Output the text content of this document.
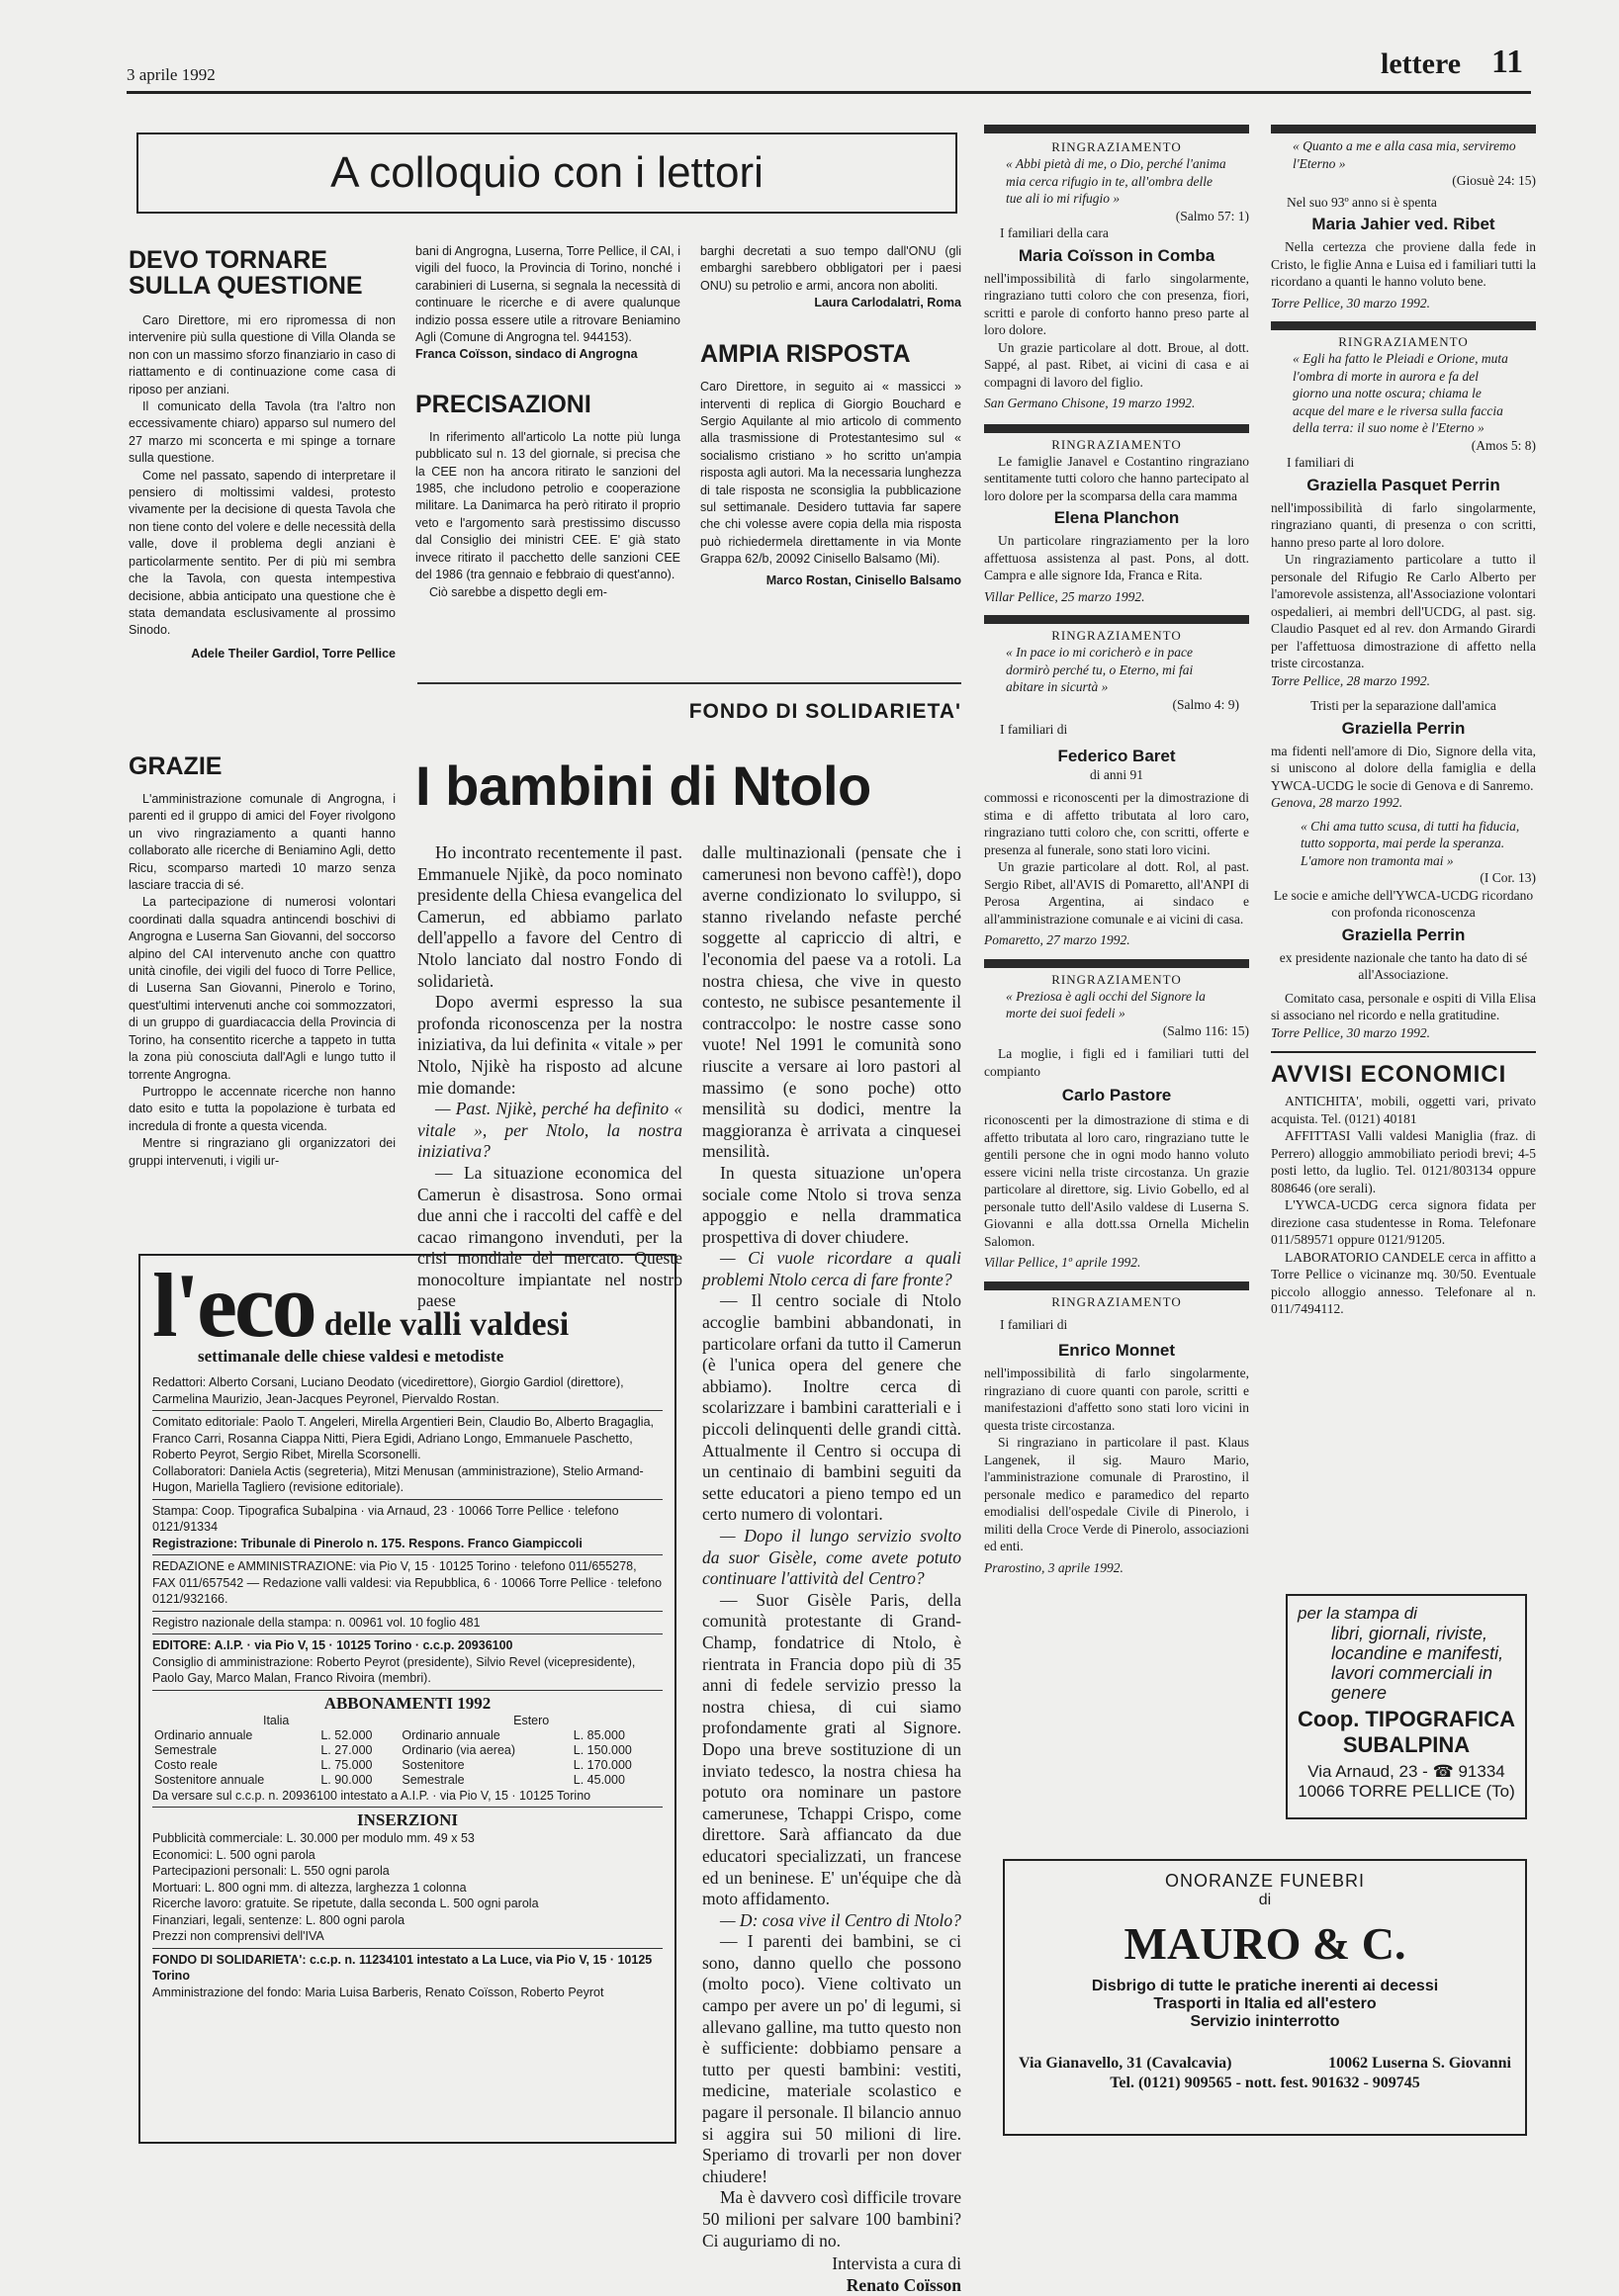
3 aprile 1992	lettere 11
A colloquio con i lettori
DEVO TORNARE SULLA QUESTIONE

Caro Direttore, mi ero ripromessa di non intervenire più sulla questione di Villa Olanda se non con un massimo sforzo finanziario in caso di riattamento e di continuazione come casa di riposo per anziani.

Il comunicato della Tavola (tra l'altro non eccessivamente chiaro) apparso sul numero del 27 marzo mi sconcerta e mi spinge a tornare sulla questione.

Come nel passato, sapendo di interpretare il pensiero di moltissimi valdesi, protesto vivamente per la decisione di questa Tavola che non tiene conto del volere e delle necessità della valle, dove il problema degli anziani è particolarmente sentito. Per di più mi sembra che la Tavola, con questa intempestiva decisione, abbia anticipato una questione che è stata demandata esclusivamente al prossimo Sinodo.

Adele Theiler Gardiol, Torre Pellice
GRAZIE

L'amministrazione comunale di Angrogna, i parenti ed il gruppo di amici del Foyer rivolgono un vivo ringraziamento a quanti hanno collaborato alle ricerche di Beniamino Agli, detto Ricu, scomparso martedì 10 marzo senza lasciare traccia di sé.

La partecipazione di numerosi volontari coordinati dalla squadra antincendi boschivi di Angrogna e Luserna San Giovanni, del soccorso alpino del CAI intervenuto anche con quattro unità cinofile, dei vigili del fuoco di Torre Pellice, di Luserna San Giovanni, Pinerolo e Torino, quest'ultimi intervenuti anche coi sommozzatori, di un gruppo di guardiacaccia della Provincia di Torino, ha consentito ricerche a tappeto in tutta la zona più conosciuta dall'Agli e lungo tutto il torrente Angrogna.

Purtroppo le accennate ricerche non hanno dato esito e tutta la popolazione è turbata ed incredula di fronte a questa vicenda.

Mentre si ringraziano gli organizzatori dei gruppi intervenuti, i vigili ur-

bani di Angrogna, Luserna, Torre Pellice, il CAI, i vigili del fuoco, la Provincia di Torino, nonché i carabinieri di Luserna, si segnala la necessità di continuare le ricerche e di avere qualunque indizio possa essere utile a ritrovare Beniamino Agli (Comune di Angrogna tel. 944153).

Franca Coïsson, sindaco di Angrogna
PRECISAZIONI

In riferimento all'articolo La notte più lunga pubblicato sul n. 13 del giornale, si precisa che la CEE non ha ancora ritirato le sanzioni del 1985, che includono petrolio e cooperazione militare. La Danimarca ha però ritirato il proprio veto e l'argomento sarà prestissimo discusso dal Consiglio dei ministri CEE. E' già stato invece ritirato il pacchetto delle sanzioni CEE del 1986 (tra gennaio e febbraio di quest'anno).

Ciò sarebbe a dispetto degli em-

barghi decretati a suo tempo dall'ONU (gli embarghi sarebbero obbligatori per i paesi ONU) su petrolio e armi, ancora non aboliti.

Laura Carlodalatri, Roma
AMPIA RISPOSTA

Caro Direttore, in seguito ai « massicci » interventi di replica di Giorgio Bouchard e Sergio Aquilante al mio articolo di commento alla trasmissione di Protestantesimo sul « socialismo cristiano » ho scritto un'ampia risposta agli autori. Ma la necessaria lunghezza di tale risposta ne sconsiglia la pubblicazione sul settimanale. Desidero tuttavia far sapere che chi volesse avere copia della mia risposta può richiedermela direttamente in via Monte Grappa 62/b, 20092 Cinisello Balsamo (Mi).

Marco Rostan, Cinisello Balsamo
FONDO DI SOLIDARIETA'
I bambini di Ntolo

Ho incontrato recentemente il past. Emmanuele Njikè, da poco nominato presidente della Chiesa evangelica del Camerun, ed abbiamo parlato dell'appello a favore del Centro di Ntolo lanciato dal nostro Fondo di solidarietà.

Dopo avermi espresso la sua profonda riconoscenza per la nostra iniziativa, da lui definita « vitale » per Ntolo, Njikè ha risposto ad alcune mie domande:

— Past. Njikè, perché ha definito « vitale », per Ntolo, la nostra iniziativa?

— La situazione economica del Camerun è disastrosa. Sono ormai due anni che i raccolti del caffè e del cacao rimangono invenduti, per la crisi mondiale del mercato. Queste monocolture impiantate nel nostro paese

dalle multinazionali (pensate che i camerunesi non bevono caffè!), dopo averne condizionato lo sviluppo, si stanno rivelando nefaste perché soggette al capriccio di altri, e l'economia del paese va a rotoli. La nostra chiesa, che vive in questo contesto, ne subisce pesantemente il contraccolpo: le nostre casse sono vuote! Nel 1991 le comunità sono riuscite a versare ai loro pastori al massimo (e sono poche) otto mensilità su dodici, mentre la maggioranza è arrivata a cinquesei mensilità.

In questa situazione un'opera sociale come Ntolo si trova senza appoggio e nella drammatica prospettiva di dover chiudere.

— Ci vuole ricordare a quali problemi Ntolo cerca di fare fronte?

— Il centro sociale di Ntolo accoglie bambini abbandonati, in particolare orfani da tutto il Camerun (è l'unica opera del genere che abbiamo). Inoltre cerca di scolarizzare i bambini caratteriali e i piccoli delinquenti delle grandi città. Attualmente il Centro si occupa di un centinaio di bambini seguiti da sette educatori a pieno tempo ed un certo numero di volontari.

— Dopo il lungo servizio svolto da suor Gisèle, come avete potuto continuare l'attività del Centro?

— Suor Gisèle Paris, della comunità protestante di Grand-Champ, fondatrice di Ntolo, è rientrata in Francia dopo più di 35 anni di fedele servizio presso la nostra chiesa, di cui siamo profondamente grati al Signore. Dopo una breve sostituzione di un inviato tedesco, la nostra chiesa ha potuto ora nominare un pastore camerunese, Tchappi Crispo, come direttore. Sarà affiancato da due educatori specializzati, un francese ed un beninese. E' un'équipe che dà moto affidamento.

— D: cosa vive il Centro di Ntolo?

— I parenti dei bambini, se ci sono, danno quello che possono (molto poco). Viene coltivato un campo per avere un po' di legumi, si allevano galline, ma tutto questo non è sufficiente: dobbiamo pensare a tutto per questi bambini: vestiti, medicine, materiale scolastico e pagare il personale. Il bilancio annuo si aggira sui 50 milioni di lire. Speriamo di trovarli per non dover chiudere!

Ma è davvero così difficile trovare 50 milioni per salvare 100 bambini? Ci auguriamo di no.

Intervista a cura di
Renato Coïsson
l'eco delle valli valdesi
settimanale delle chiese valdesi e metodiste
Redattori: Alberto Corsani, Luciano Deodato (vicedirettore), Giorgio Gardiol (direttore), Carmelina Maurizio, Jean-Jacques Peyronel, Piervaldo Rostan.
Comitato editoriale: Paolo T. Angeleri, Mirella Argentieri Bein, Claudio Bo, Alberto Bragaglia, Franco Carri, Rosanna Ciappa Nitti, Piera Egidi, Adriano Longo, Emmanuele Paschetto, Roberto Peyrot, Sergio Ribet, Mirella Scorsonelli.
Collaboratori: Daniela Actis (segreteria), Mitzi Menusan (amministrazione), Stelio Armand-Hugon, Mariella Tagliero (revisione editoriale).
Stampa: Coop. Tipografica Subalpina · via Arnaud, 23 · 10066 Torre Pellice · telefono 0121/91334
Registrazione: Tribunale di Pinerolo n. 175. Respons. Franco Giampiccoli
REDAZIONE e AMMINISTRAZIONE: via Pio V, 15 · 10125 Torino · telefono 011/655278, FAX 011/657542 — Redazione valli valdesi: via Repubblica, 6 · 10066 Torre Pellice · telefono 0121/932166.
Registro nazionale della stampa: n. 00961 vol. 10 foglio 481
EDITORE: A.I.P. · via Pio V, 15 · 10125 Torino · c.c.p. 20936100
Consiglio di amministrazione: Roberto Peyrot (presidente), Silvio Revel (vicepresidente), Paolo Gay, Marco Malan, Franco Rivoira (membri).
ABBONAMENTI 1992
Italia		Estero	
Ordinario annuale	L. 52.000	Ordinario annuale	L. 85.000
Semestrale	L. 27.000	Ordinario (via aerea)	L. 150.000
Costo reale	L. 75.000	Sostenitore	L. 170.000
Sostenitore annuale	L. 90.000	Semestrale	L. 45.000
Da versare sul c.c.p. n. 20936100 intestato a A.I.P. · via Pio V, 15 · 10125 Torino
INSERZIONI
Pubblicità commerciale: L. 30.000 per modulo mm. 49 x 53
Economici: L. 500 ogni parola
Partecipazioni personali: L. 550 ogni parola
Mortuari: L. 800 ogni mm. di altezza, larghezza 1 colonna
Ricerche lavoro: gratuite. Se ripetute, dalla seconda L. 500 ogni parola
Finanziari, legali, sentenze: L. 800 ogni parola
Prezzi non comprensivi dell'IVA
FONDO DI SOLIDARIETA': c.c.p. n. 11234101 intestato a La Luce, via Pio V, 15 · 10125 Torino
Amministrazione del fondo: Maria Luisa Barberis, Renato Coïsson, Roberto Peyrot
RINGRAZIAMENTO
« Abbi pietà di me, o Dio, perché l'anima mia cerca rifugio in te, all'ombra delle tue ali io mi rifugio »
(Salmo 57: 1)
I familiari della cara
Maria Coïsson in Comba

nell'impossibilità di farlo singolarmente, ringraziano tutti coloro che con presenza, fiori, scritti e parole di conforto hanno preso parte al loro dolore.

Un grazie particolare al dott. Broue, al dott. Sappé, al past. Ribet, ai vicini di casa e ai compagni di lavoro del figlio.

San Germano Chisone, 19 marzo 1992.
RINGRAZIAMENTO

Le famiglie Janavel e Costantino ringraziano sentitamente tutti coloro che hanno partecipato al loro dolore per la scomparsa della cara mamma

Elena Planchon

Un particolare ringraziamento per la loro affettuosa assistenza al past. Pons, al dott. Campra e alle signore Ida, Franca e Rita.

Villar Pellice, 25 marzo 1992.
RINGRAZIAMENTO
« In pace io mi coricherò e in pace dormirò perché tu, o Eterno, mi fai abitare in sicurtà »
(Salmo 4: 9)
I familiari di
Federico Baret
di anni 91

commossi e riconoscenti per la dimostrazione di stima e di affetto tributata al loro caro, ringraziano tutti coloro che, con scritti, offerte e presenza al funerale, sono stati loro vicini.

Un grazie particolare al dott. Rol, al past. Sergio Ribet, all'AVIS di Pomaretto, all'ANPI di Perosa Argentina, ai sindaco e all'amministrazione comunale e ai vicini di casa.

Pomaretto, 27 marzo 1992.
RINGRAZIAMENTO
« Preziosa è agli occhi del Signore la morte dei suoi fedeli »
(Salmo 116: 15)

La moglie, i figli ed i familiari tutti del compianto

Carlo Pastore

riconoscenti per la dimostrazione di stima e di affetto tributata al loro caro, ringraziano tutte le gentili persone che in ogni modo hanno voluto essere vicini nella triste circostanza. Un grazie particolare al direttore, sig. Livio Gobello, ed al personale tutto dell'Asilo valdese di Luserna S. Giovanni e alla dott.ssa Ornella Michelin Salomon.

Villar Pellice, 1º aprile 1992.
RINGRAZIAMENTO
I familiari di
Enrico Monnet

nell'impossibilità di farlo singolarmente, ringraziano di cuore quanti con parole, scritti e manifestazioni d'affetto sono stati loro vicini in questa triste circostanza.

Si ringraziano in particolare il past. Klaus Langenek, il sig. Mauro Mario, l'amministrazione comunale di Prarostino, il personale medico e paramedico del reparto emodialisi dell'ospedale Civile di Pinerolo, i militi della Croce Verde di Pinerolo, associazioni ed enti.

Prarostino, 3 aprile 1992.
« Quanto a me e alla casa mia, serviremo l'Eterno »
(Giosuè 24: 15)
Nel suo 93º anno si è spenta
Maria Jahier ved. Ribet

Nella certezza che proviene dalla fede in Cristo, le figlie Anna e Luisa ed i familiari tutti la ricordano a quanti le hanno voluto bene.

Torre Pellice, 30 marzo 1992.
RINGRAZIAMENTO
« Egli ha fatto le Pleiadi e Orione, muta l'ombra di morte in aurora e fa del giorno una notte oscura; chiama le acque del mare e le riversa sulla faccia della terra: il suo nome è l'Eterno »
(Amos 5: 8)
I familiari di
Graziella Pasquet Perrin

nell'impossibilità di farlo singolarmente, ringraziano quanti, di presenza o con scritti, hanno preso parte al loro dolore.

Un ringraziamento particolare a tutto il personale del Rifugio Re Carlo Alberto per l'amorevole assistenza, all'Associazione volontari ospedalieri, ai membri dell'UCDG, al past. sig. Claudio Pasquet ed al rev. don Armando Girardi per l'affettuosa dimostrazione di affetto nella triste circostanza.

Torre Pellice, 28 marzo 1992.
Tristi per la separazione dall'amica
Graziella Perrin

ma fidenti nell'amore di Dio, Signore della vita, si uniscono al dolore della famiglia e della YWCA-UCDG le socie di Genova e di Sanremo.

Genova, 28 marzo 1992.
« Chi ama tutto scusa, di tutti ha fiducia, tutto sopporta, mai perde la speranza. L'amore non tramonta mai »
(I Cor. 13)
Le socie e amiche dell'YWCA-UCDG ricordano con profonda riconoscenza
Graziella Perrin
ex presidente nazionale che tanto ha dato di sé all'Associazione.

Comitato casa, personale e ospiti di Villa Elisa si associano nel ricordo e nella gratitudine.

Torre Pellice, 30 marzo 1992.
AVVISI ECONOMICI

ANTICHITA', mobili, oggetti vari, privato acquista. Tel. (0121) 40181

AFFITTASI Valli valdesi Maniglia (fraz. di Perrero) alloggio ammobiliato periodi brevi; 4-5 posti letto, da luglio. Tel. 0121/803134 oppure 808646 (ore serali).

L'YWCA-UCDG cerca signora fidata per direzione casa studentesse in Roma. Telefonare 011/589571 oppure 0121/91205.

LABORATORIO CANDELE cerca in affitto a Torre Pellice o vicinanze mq. 30/50. Eventuale piccolo alloggio annesso. Telefonare al n. 011/7494112.

per la stampa di
libri, giornali, riviste, locandine e manifesti, lavori commerciali in genere
Coop. TIPOGRAFICA SUBALPINA
Via Arnaud, 23 - ☎ 91334
10066 TORRE PELLICE (To)
ONORANZE FUNEBRI
di
MAURO & C.
Disbrigo di tutte le pratiche inerenti ai decessi
Trasporti in Italia ed all'estero
Servizio ininterrotto
Via Gianavello, 31 (Cavalcavia)	10062 Luserna S. Giovanni
Tel. (0121) 909565 - nott. fest. 901632 - 909745
